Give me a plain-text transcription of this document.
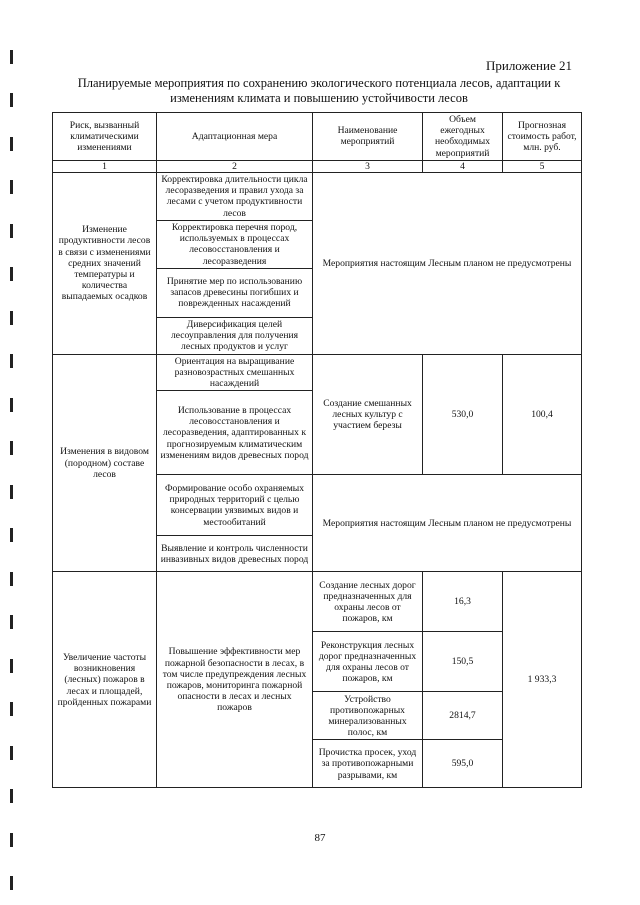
Приложение 21
Планируемые мероприятия по сохранению экологического потенциала лесов, адаптации к изменениям климата и повышению устойчивости лесов
Риск, вызванный климатическими изменениями	Адаптационная мера	Наименование мероприятий	Объем ежегодных необходимых мероприятий	Прогнозная стоимость работ, млн. руб.
1	2	3	4	5
Изменение продуктивности лесов в связи с изменениями средних значений температуры и количества выпадаемых осадков	Корректировка длительности цикла лесоразведения и правил ухода за лесами с учетом продуктивности лесов	Мероприятия настоящим Лесным планом не предусмотрены		
	Корректировка перечня пород, используемых в процессах лесовосстановления и лесоразведения			
	Принятие мер по использованию запасов древесины погибших и поврежденных насаждений			
	Диверсификация целей лесоуправления для получения лесных продуктов и услуг			
Изменения в видовом (породном) составе лесов	Ориентация на выращивание разновозрастных смешанных насаждений	Создание смешанных лесных культур с участием березы	530,0	100,4
	Использование в процессах лесовосстановления и лесоразведения, адаптированных к прогнозируемым климатическим изменениям видов древесных пород			
	Формирование особо охраняемых природных территорий с целью консервации уязвимых видов и местообитаний	Мероприятия настоящим Лесным планом не предусмотрены		
	Выявление и контроль численности инвазивных видов древесных пород			
Увеличение частоты возникновения (лесных) пожаров в лесах и площадей, пройденных пожарами	Повышение эффективности мер пожарной безопасности в лесах, в том числе предупреждения лесных пожаров, мониторинга пожарной опасности в лесах и лесных пожаров	Создание лесных дорог предназначенных для охраны лесов от пожаров, км	16,3	1 933,3
		Реконструкция лесных дорог предназначенных для охраны лесов от пожаров, км	150,5	
		Устройство противопожарных минерализованных полос, км	2814,7	
		Прочистка просек, уход за противопожарными разрывами, км	595,0	
87
